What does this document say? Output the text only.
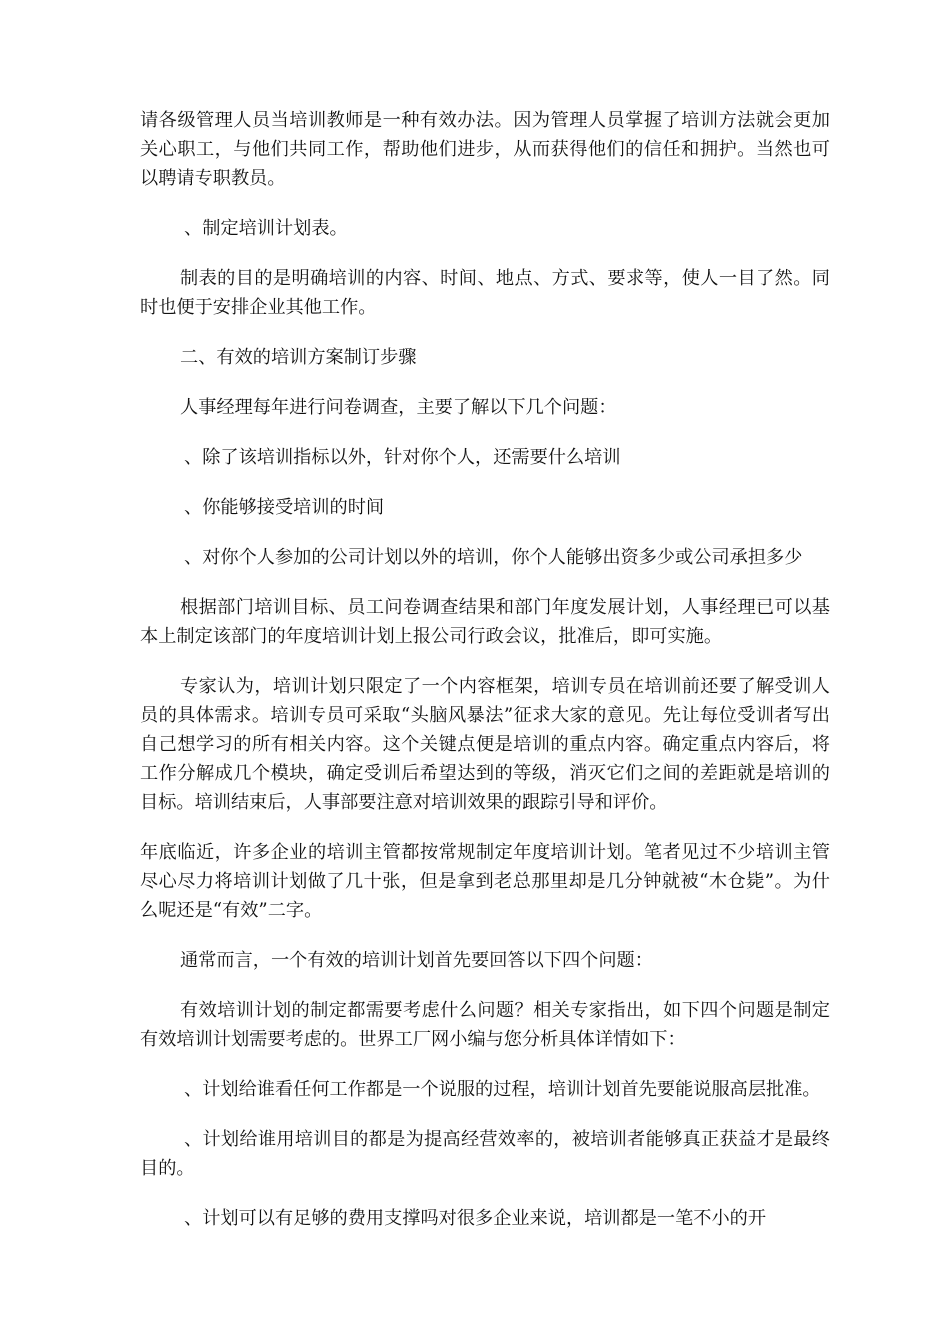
请各级管理人员当培训教师是一种有效办法。因为管理人员掌握了培训方法就会更加关心职工，与他们共同工作，帮助他们进步，从而获得他们的信任和拥护。当然也可以聘请专职教员。

、制定培训计划表。

制表的目的是明确培训的内容、时间、地点、方式、要求等，使人一目了然。同时也便于安排企业其他工作。

二、有效的培训方案制订步骤

人事经理每年进行问卷调查，主要了解以下几个问题：

、除了该培训指标以外，针对你个人，还需要什么培训

、你能够接受培训的时间

、对你个人参加的公司计划以外的培训，你个人能够出资多少或公司承担多少

根据部门培训目标、员工问卷调查结果和部门年度发展计划，人事经理已可以基本上制定该部门的年度培训计划上报公司行政会议，批准后，即可实施。

专家认为，培训计划只限定了一个内容框架，培训专员在培训前还要了解受训人员的具体需求。培训专员可采取“头脑风暴法”征求大家的意见。先让每位受训者写出自己想学习的所有相关内容。这个关键点便是培训的重点内容。确定重点内容后，将工作分解成几个模块，确定受训后希望达到的等级，消灭它们之间的差距就是培训的目标。培训结束后，人事部要注意对培训效果的跟踪引导和评价。

年底临近，许多企业的培训主管都按常规制定年度培训计划。笔者见过不少培训主管尽心尽力将培训计划做了几十张，但是拿到老总那里却是几分钟就被“木仓毙”。为什么呢还是“有效”二字。

通常而言，一个有效的培训计划首先要回答以下四个问题：

有效培训计划的制定都需要考虑什么问题？相关专家指出，如下四个问题是制定有效培训计划需要考虑的。世界工厂网小编与您分析具体详情如下：

、计划给谁看任何工作都是一个说服的过程，培训计划首先要能说服高层批准。

、计划给谁用培训目的都是为提高经营效率的，被培训者能够真正获益才是最终目的。

、计划可以有足够的费用支撑吗对很多企业来说，培训都是一笔不小的开
